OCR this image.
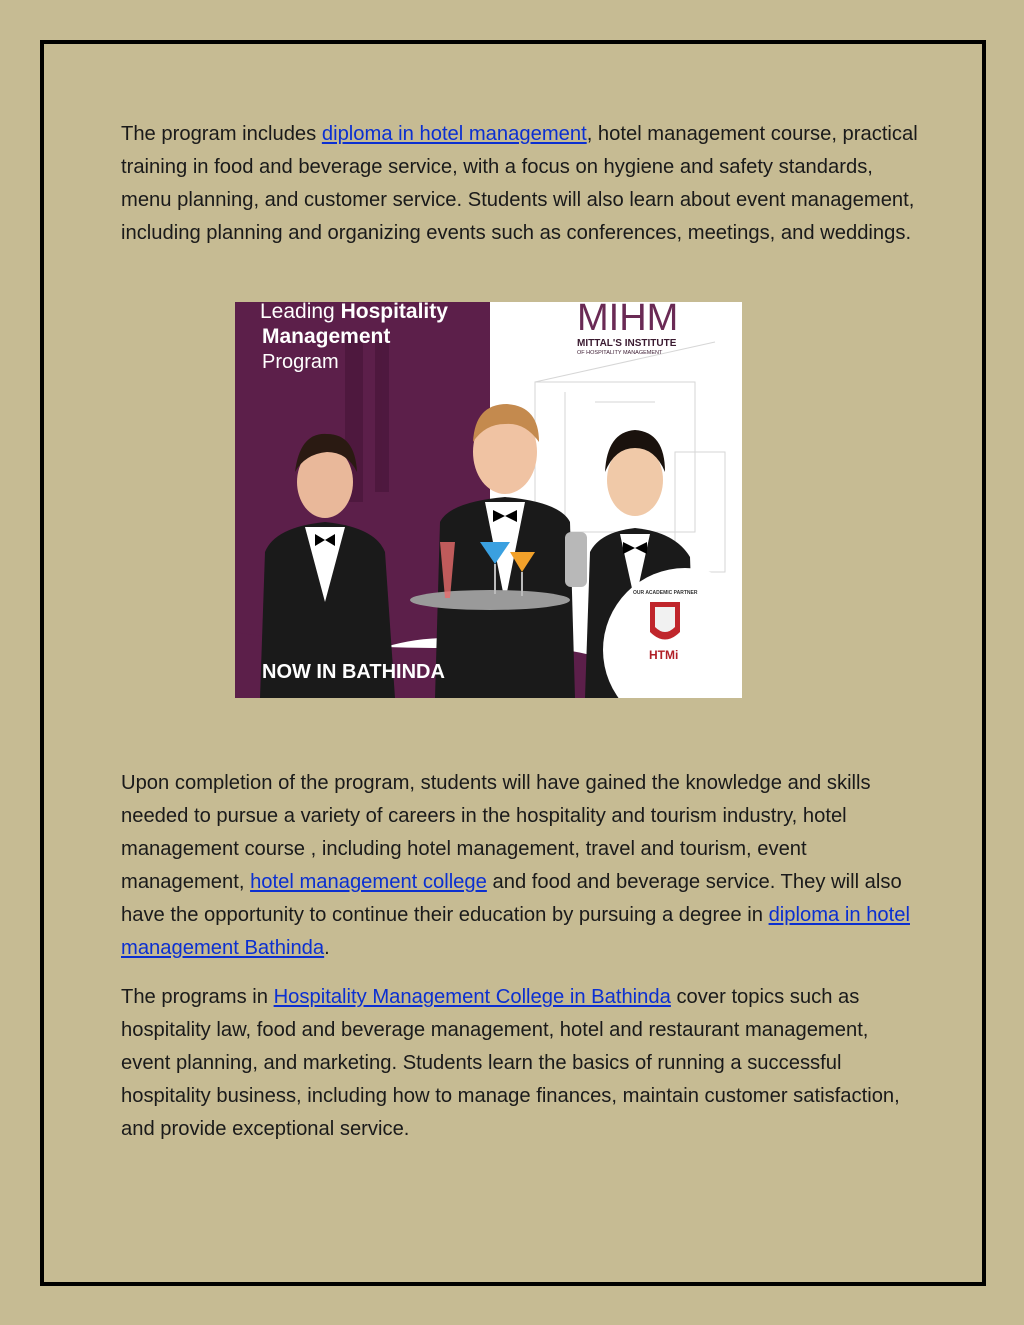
The program includes diploma in hotel management, hotel management course, practical training in food and beverage service, with a focus on hygiene and safety standards, menu planning, and customer service. Students will also learn about event management, including planning and organizing events such as conferences, meetings, and weddings.

Leading Hospitality
Management
Program
MIHM
MITTAL'S INSTITUTE
OF HOSPITALITY MANAGEMENT
OUR ACADEMIC PARTNER
HTMi
NOW IN BATHINDA

Upon completion of the program, students will have gained the knowledge and skills needed to pursue a variety of careers in the hospitality and tourism industry, hotel management course , including hotel management, travel and tourism, event management, hotel management college and food and beverage service. They will also have the opportunity to continue their education by pursuing a degree in diploma in hotel management Bathinda.

The programs in Hospitality Management College in Bathinda cover topics such as hospitality law, food and beverage management, hotel and restaurant management, event planning, and marketing. Students learn the basics of running a successful hospitality business, including how to manage finances, maintain customer satisfaction, and provide exceptional service.
